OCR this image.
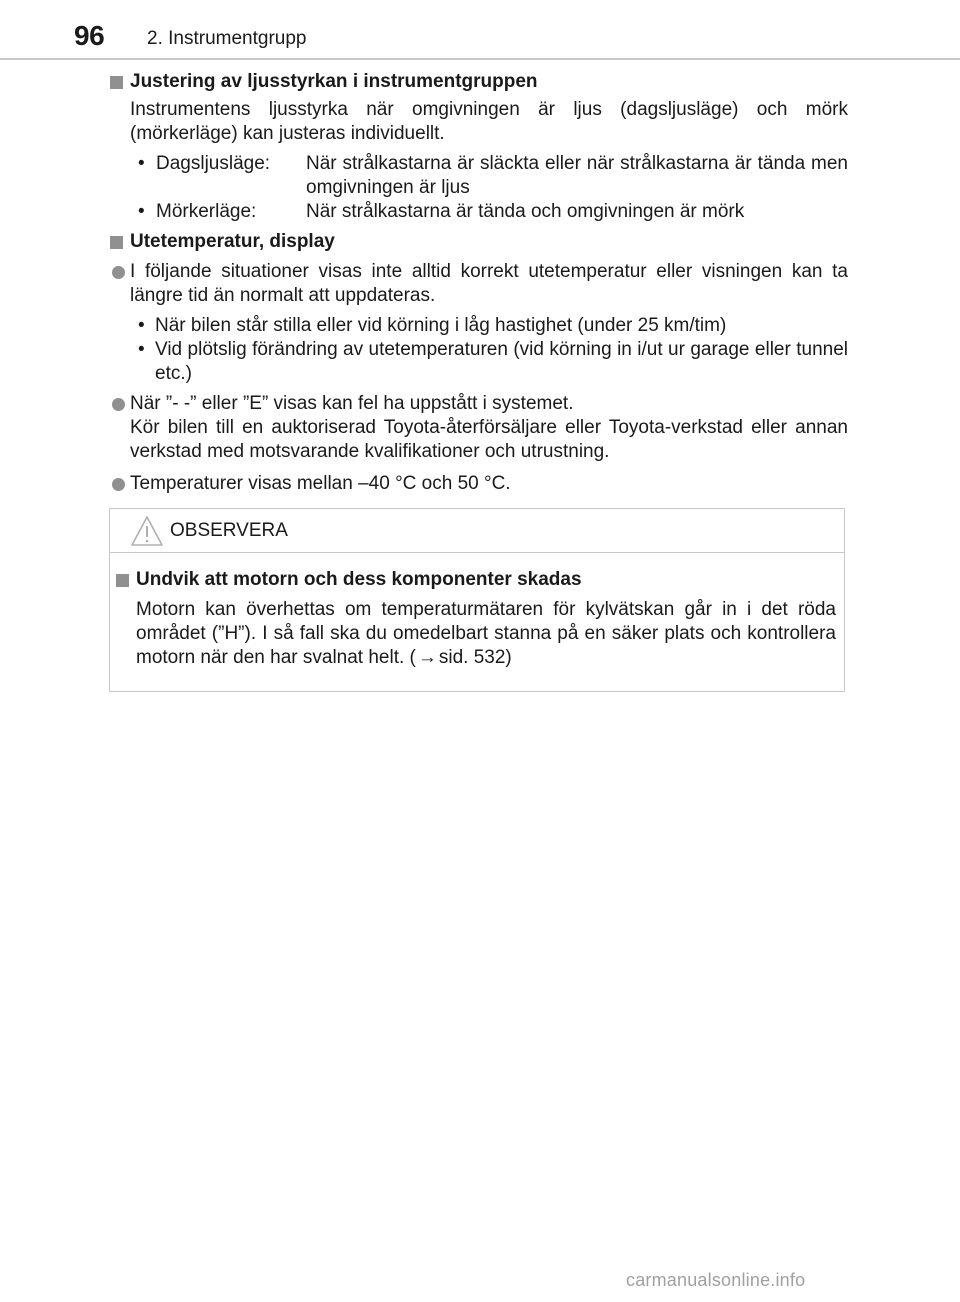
96 2. Instrumentgrupp
Justering av ljusstyrkan i instrumentgruppen
Instrumentens ljusstyrka när omgivningen är ljus (dagsljusläge) och mörk (mörkerläge) kan justeras individuellt.
• Dagsljusläge:	När strålkastarna är släckta eller när strålkastarna är tända men omgivningen är ljus
• Mörkerläge:	När strålkastarna är tända och omgivningen är mörk
Utetemperatur, display
I följande situationer visas inte alltid korrekt utetemperatur eller visningen kan ta längre tid än normalt att uppdateras.
• När bilen står stilla eller vid körning i låg hastighet (under 25 km/tim)
• Vid plötslig förändring av utetemperaturen (vid körning in i/ut ur garage eller tunnel etc.)
När ”- -” eller ”E” visas kan fel ha uppstått i systemet.
Kör bilen till en auktoriserad Toyota-återförsäljare eller Toyota-verkstad eller annan verkstad med motsvarande kvalifikationer och utrustning.
Temperaturer visas mellan –40 °C och 50 °C.
OBSERVERA
Undvik att motorn och dess komponenter skadas
Motorn kan överhettas om temperaturmätaren för kylvätskan går in i det röda området (”H”). I så fall ska du omedelbart stanna på en säker plats och kontrollera motorn när den har svalnat helt. ( → sid. 532)
carmanualsonline.info
